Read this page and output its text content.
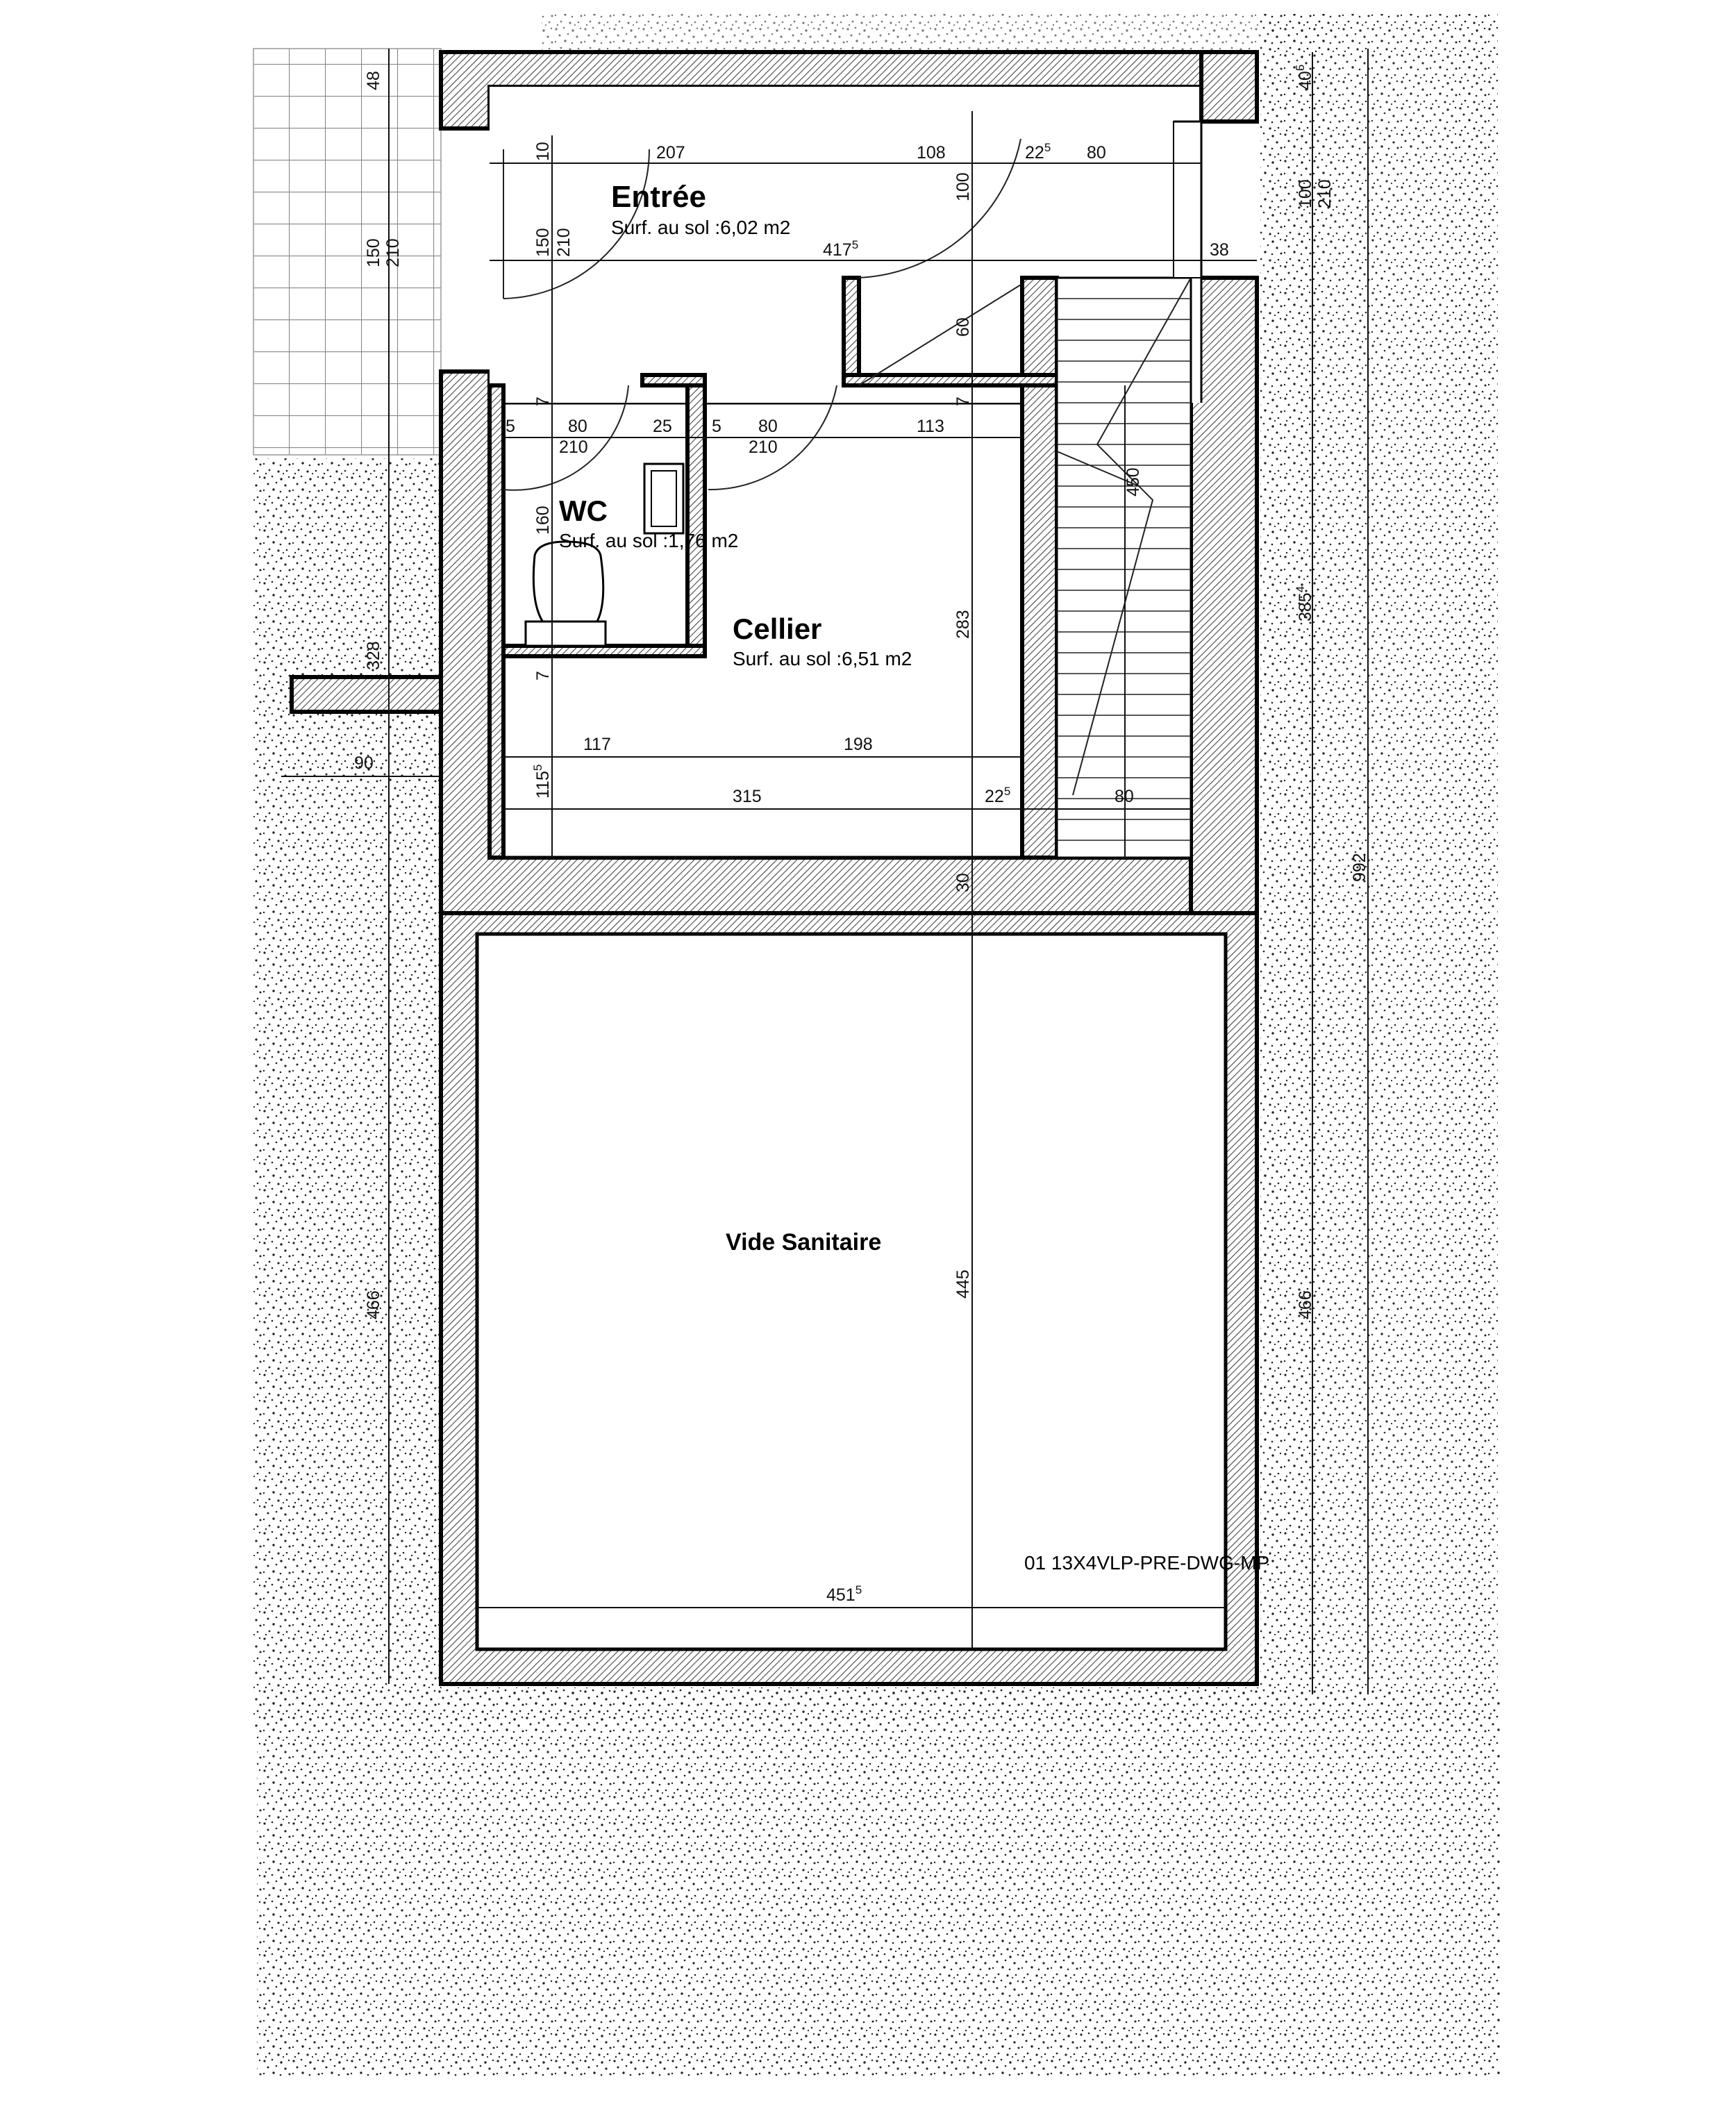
48	$40^5$
100 210
150 210
10	207	108	$22^5$ 80
100
150 210	$417^5$	38
60
7	7
5	80	25 5 80	113
210	210
450
160
$385^4$
283
328
7
90
117	198
$115^5$
315	$22^5$	80
992
30
445
466	466
$451^5$
Entrée
Surf. au sol :6,02 m2
WC
Surf. au sol :1,76 m2
Cellier
Surf. au sol :6,51 m2
Vide Sanitaire
01 13X4VLP-PRE-DWG-MP
